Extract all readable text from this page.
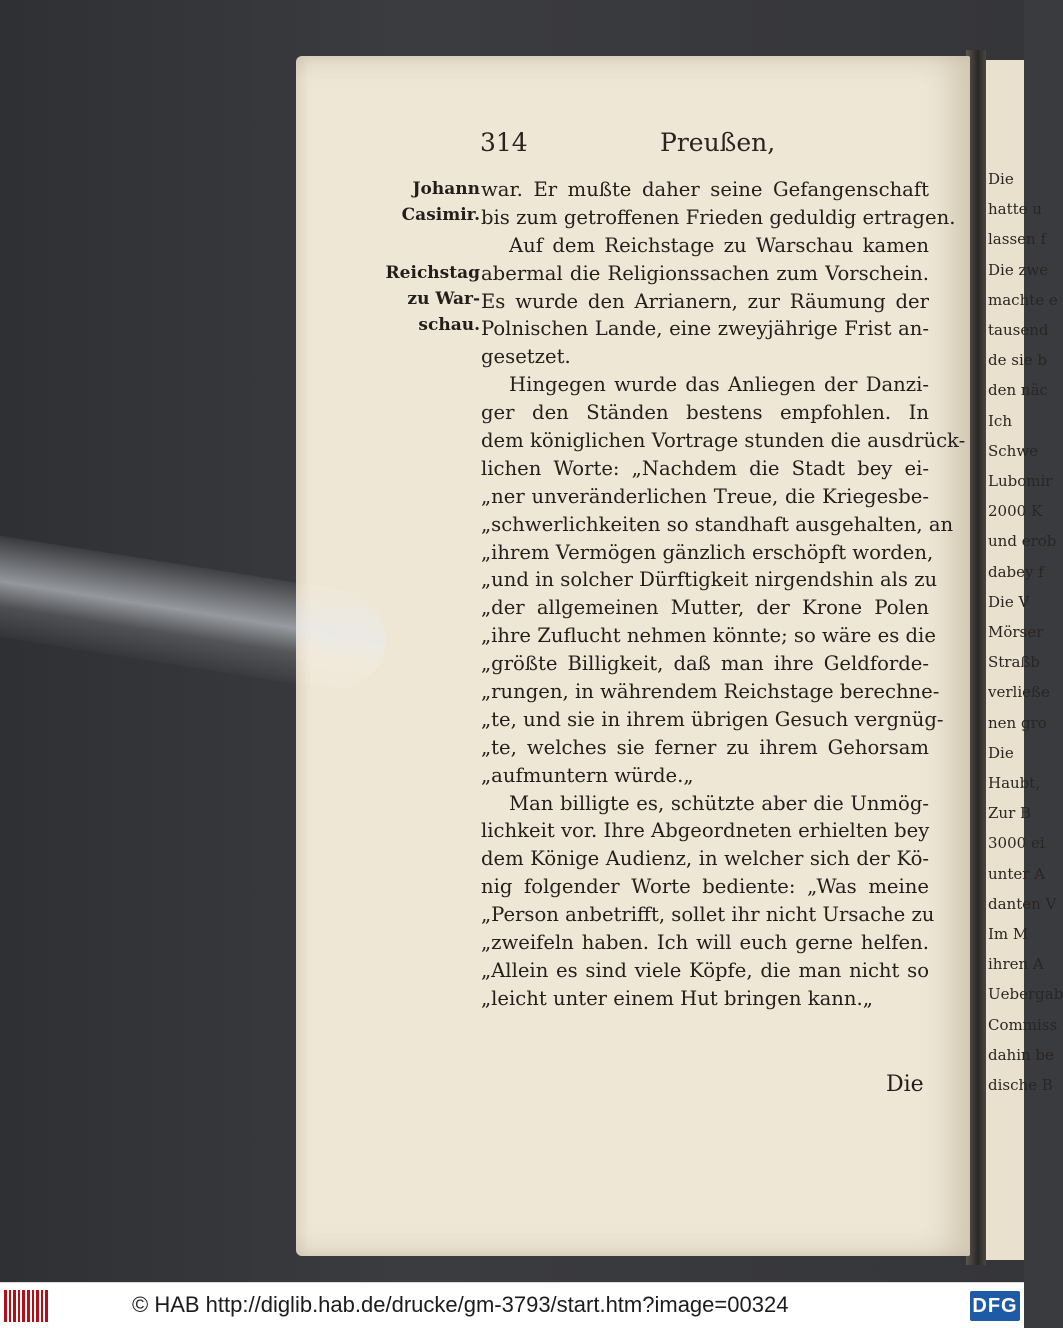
Die
hatte u
lassen f
Die zwe
machte e
tausend
de sie b
den näc
Ich
Schwe
Lubomir
2000 K
und erob
dabey f
Die V
Mörser
Straßb
verließe
nen gro
Die
Haubt,
Zur B
3000 ei
unter A
danten V
Im M
ihren A
Uebergab
Commiss
dahin be
dische B
314	Preußen,
Johann
Casimir.
Reichstag
zu War-
schau.
war. Er mußte daher seine Gefangenschaft
bis zum getroffenen Frieden geduldig ertragen.
Auf dem Reichstage zu Warschau kamen
abermal die Religionssachen zum Vorschein.
Es wurde den Arrianern, zur Räumung der
Polnischen Lande, eine zweyjährige Frist an-
gesetzet.
Hingegen wurde das Anliegen der Danzi-
ger den Ständen bestens empfohlen. In
dem königlichen Vortrage stunden die ausdrück-
lichen Worte: „Nachdem die Stadt bey ei-
„ner unveränderlichen Treue, die Kriegesbe-
„schwerlichkeiten so standhaft ausgehalten, an
„ihrem Vermögen gänzlich erschöpft worden,
„und in solcher Dürftigkeit nirgendshin als zu
„der allgemeinen Mutter, der Krone Polen
„ihre Zuflucht nehmen könnte; so wäre es die
„größte Billigkeit, daß man ihre Geldforde-
„rungen, in währendem Reichstage berechne-
„te, und sie in ihrem übrigen Gesuch vergnüg-
„te, welches sie ferner zu ihrem Gehorsam
„aufmuntern würde.„
Man billigte es, schützte aber die Unmög-
lichkeit vor. Ihre Abgeordneten erhielten bey
dem Könige Audienz, in welcher sich der Kö-
nig folgender Worte bediente: „Was meine
„Person anbetrifft, sollet ihr nicht Ursache zu
„zweifeln haben. Ich will euch gerne helfen.
„Allein es sind viele Köpfe, die man nicht so
„leicht unter einem Hut bringen kann.„
Die
© HAB http://diglib.hab.de/drucke/gm-3793/start.htm?image=00324	DFG
